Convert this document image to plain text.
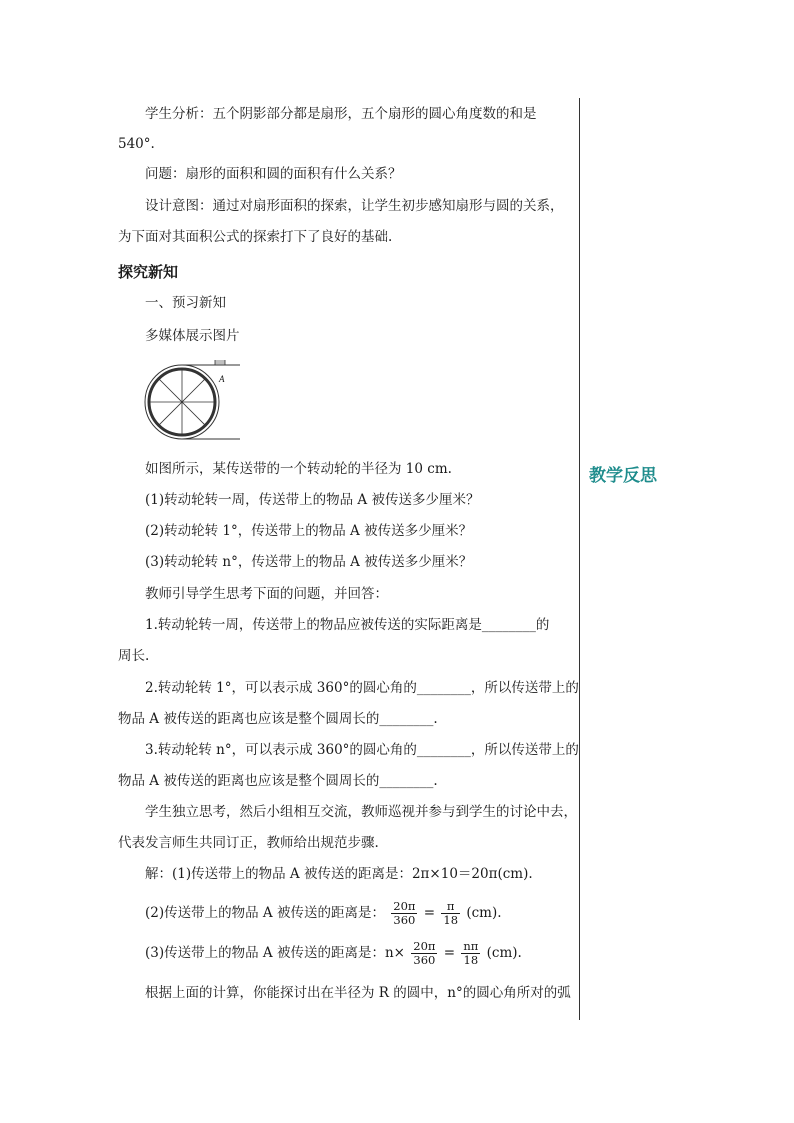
学生分析：五个阴影部分都是扇形，五个扇形的圆心角度数的和是
540°.
问题：扇形的面积和圆的面积有什么关系？
设计意图：通过对扇形面积的探索，让学生初步感知扇形与圆的关系，
为下面对其面积公式的探索打下了良好的基础.
探究新知
一、预习新知
多媒体展示图片
A
如图所示，某传送带的一个转动轮的半径为 10 cm.
(1)转动轮转一周，传送带上的物品 A 被传送多少厘米？
(2)转动轮转 1°，传送带上的物品 A 被传送多少厘米？
(3)转动轮转 n°，传送带上的物品 A 被传送多少厘米？
教师引导学生思考下面的问题，并回答：
1.转动轮转一周，传送带上的物品应被传送的实际距离是________的
周长.
2.转动轮转 1°，可以表示成 360°的圆心角的________，所以传送带上的
物品 A 被传送的距离也应该是整个圆周长的________.
3.转动轮转 n°，可以表示成 360°的圆心角的________，所以传送带上的
物品 A 被传送的距离也应该是整个圆周长的________.
学生独立思考，然后小组相互交流，教师巡视并参与到学生的讨论中去，
代表发言师生共同订正，教师给出规范步骤.
解：(1)传送带上的物品 A 被传送的距离是：2π×10＝20π(cm).
(2)传送带上的物品 A 被传送的距离是： $\frac{20\pi}{360} = \frac{\pi}{18} (cm)$.
(3)传送带上的物品 A 被传送的距离是：$n\times \frac{20\pi}{360} = \frac{n\pi}{18} (cm)$.
根据上面的计算，你能探讨出在半径为 R 的圆中，n°的圆心角所对的弧
教学反思
